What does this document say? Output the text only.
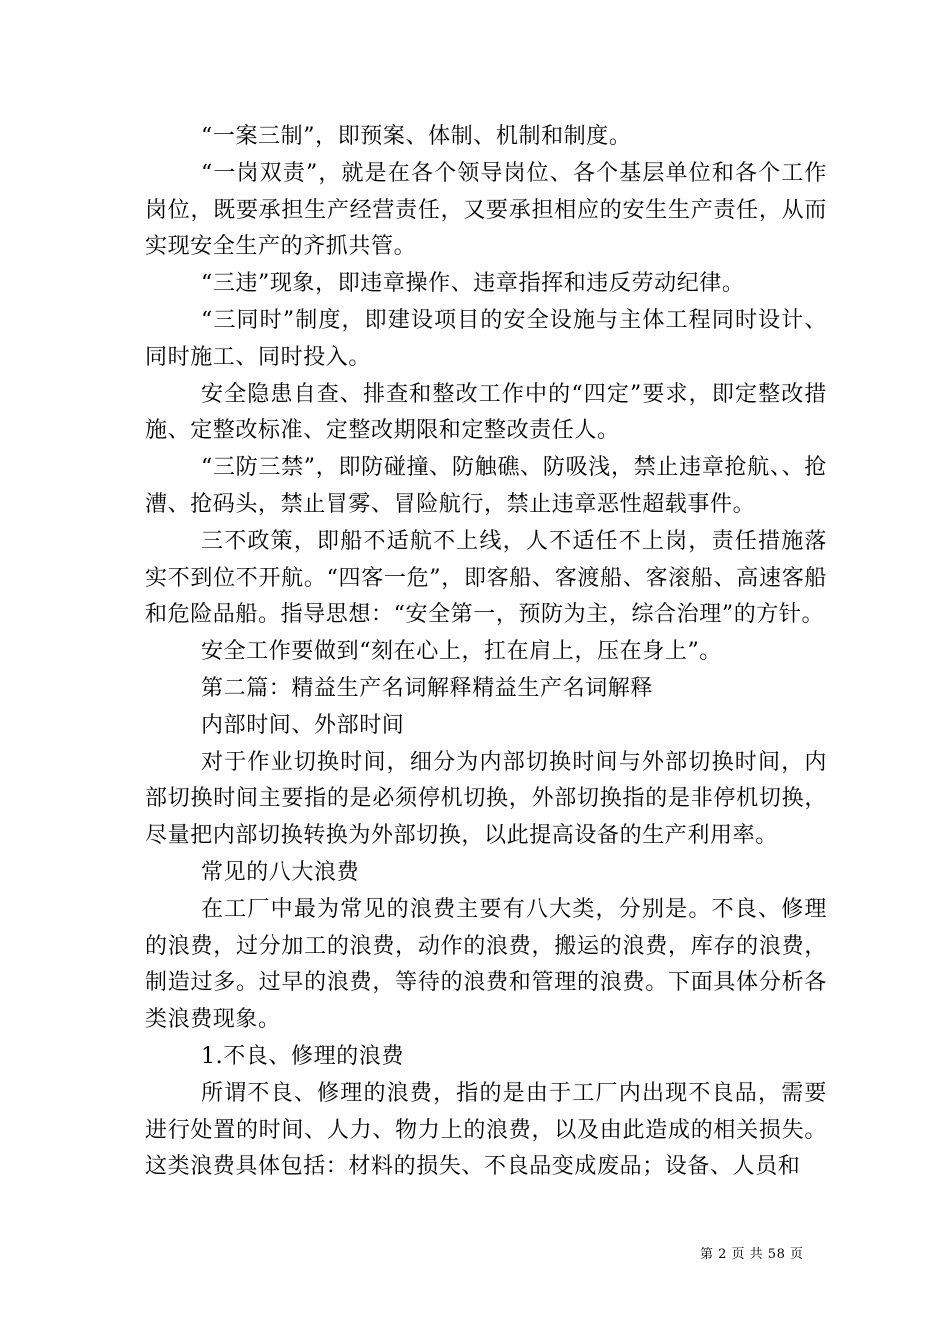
“一案三制”，即预案、体制、机制和制度。

“一岗双责”，就是在各个领导岗位、各个基层单位和各个工作岗位，既要承担生产经营责任，又要承担相应的安生生产责任，从而实现安全生产的齐抓共管。

“三违”现象，即违章操作、违章指挥和违反劳动纪律。

“三同时”制度，即建设项目的安全设施与主体工程同时设计、同时施工、同时投入。

安全隐患自查、排查和整改工作中的“四定”要求，即定整改措施、定整改标准、定整改期限和定整改责任人。

“三防三禁”，即防碰撞、防触礁、防吸浅，禁止违章抢航、、抢漕、抢码头，禁止冒雾、冒险航行，禁止违章恶性超载事件。

三不政策，即船不适航不上线，人不适任不上岗，责任措施落实不到位不开航。“四客一危”，即客船、客渡船、客滚船、高速客船和危险品船。指导思想：“安全第一，预防为主，综合治理”的方针。

安全工作要做到“刻在心上，扛在肩上，压在身上”。

第二篇：精益生产名词解释精益生产名词解释

内部时间、外部时间

对于作业切换时间，细分为内部切换时间与外部切换时间，内部切换时间主要指的是必须停机切换，外部切换指的是非停机切换，尽量把内部切换转换为外部切换，以此提高设备的生产利用率。

常见的八大浪费

在工厂中最为常见的浪费主要有八大类，分别是。不良、修理的浪费，过分加工的浪费，动作的浪费，搬运的浪费，库存的浪费，制造过多。过早的浪费，等待的浪费和管理的浪费。下面具体分析各类浪费现象。

1.不良、修理的浪费

所谓不良、修理的浪费，指的是由于工厂内出现不良品，需要进行处置的时间、人力、物力上的浪费，以及由此造成的相关损失。这类浪费具体包括：材料的损失、不良品变成废品；设备、人员和

第 2 页 共 58 页
